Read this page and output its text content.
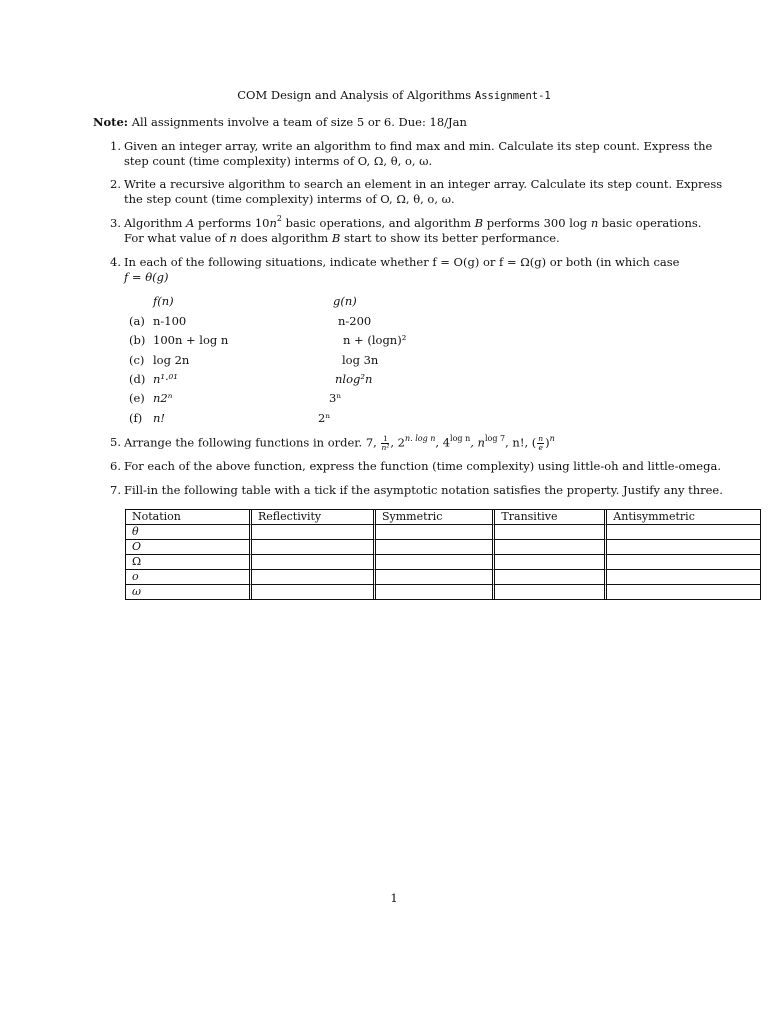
COM Design and Analysis of Algorithms Assignment-1
Note: All assignments involve a team of size 5 or 6. Due: 18/Jan
1. Given an integer array, write an algorithm to find max and min. Calculate its step count. Express the
step count (time complexity) interms of O, Ω, θ, o, ω.
2. Write a recursive algorithm to search an element in an integer array. Calculate its step count. Express
the step count (time complexity) interms of O, Ω, θ, o, ω.
3. Algorithm A performs $10n^2$ basic operations, and algorithm B performs 300 log n basic operations.
For what value of n does algorithm B start to show its better performance.
4. In each of the following situations, indicate whether f = O(g) or f = Ω(g) or both (in which case
f = θ(g)
f(n)	g(n)
(a) n-100	n-200
(b) 100n + log n	n + (logn)²
(c) log 2n	log 3n
(d) n¹·⁰¹	nlog²n
(e) n2ⁿ	3ⁿ
(f) n!	2ⁿ
5. Arrange the following functions in order. 7, $\frac{1}{\text{n²}}$ , $2^{n. log n}$, $4^{log n}$, $n^{log 7}$, n!, ( $\frac{n}{e} )^n$
6. For each of the above function, express the function (time complexity) using little-oh and little-omega.
7. Fill-in the following table with a tick if the asymptotic notation satisfies the property. Justify any three.
Notation	Reflectivity	Symmetric	Transitive	Antisymmetric
θ				
O				
Ω				
o				
ω				
1
